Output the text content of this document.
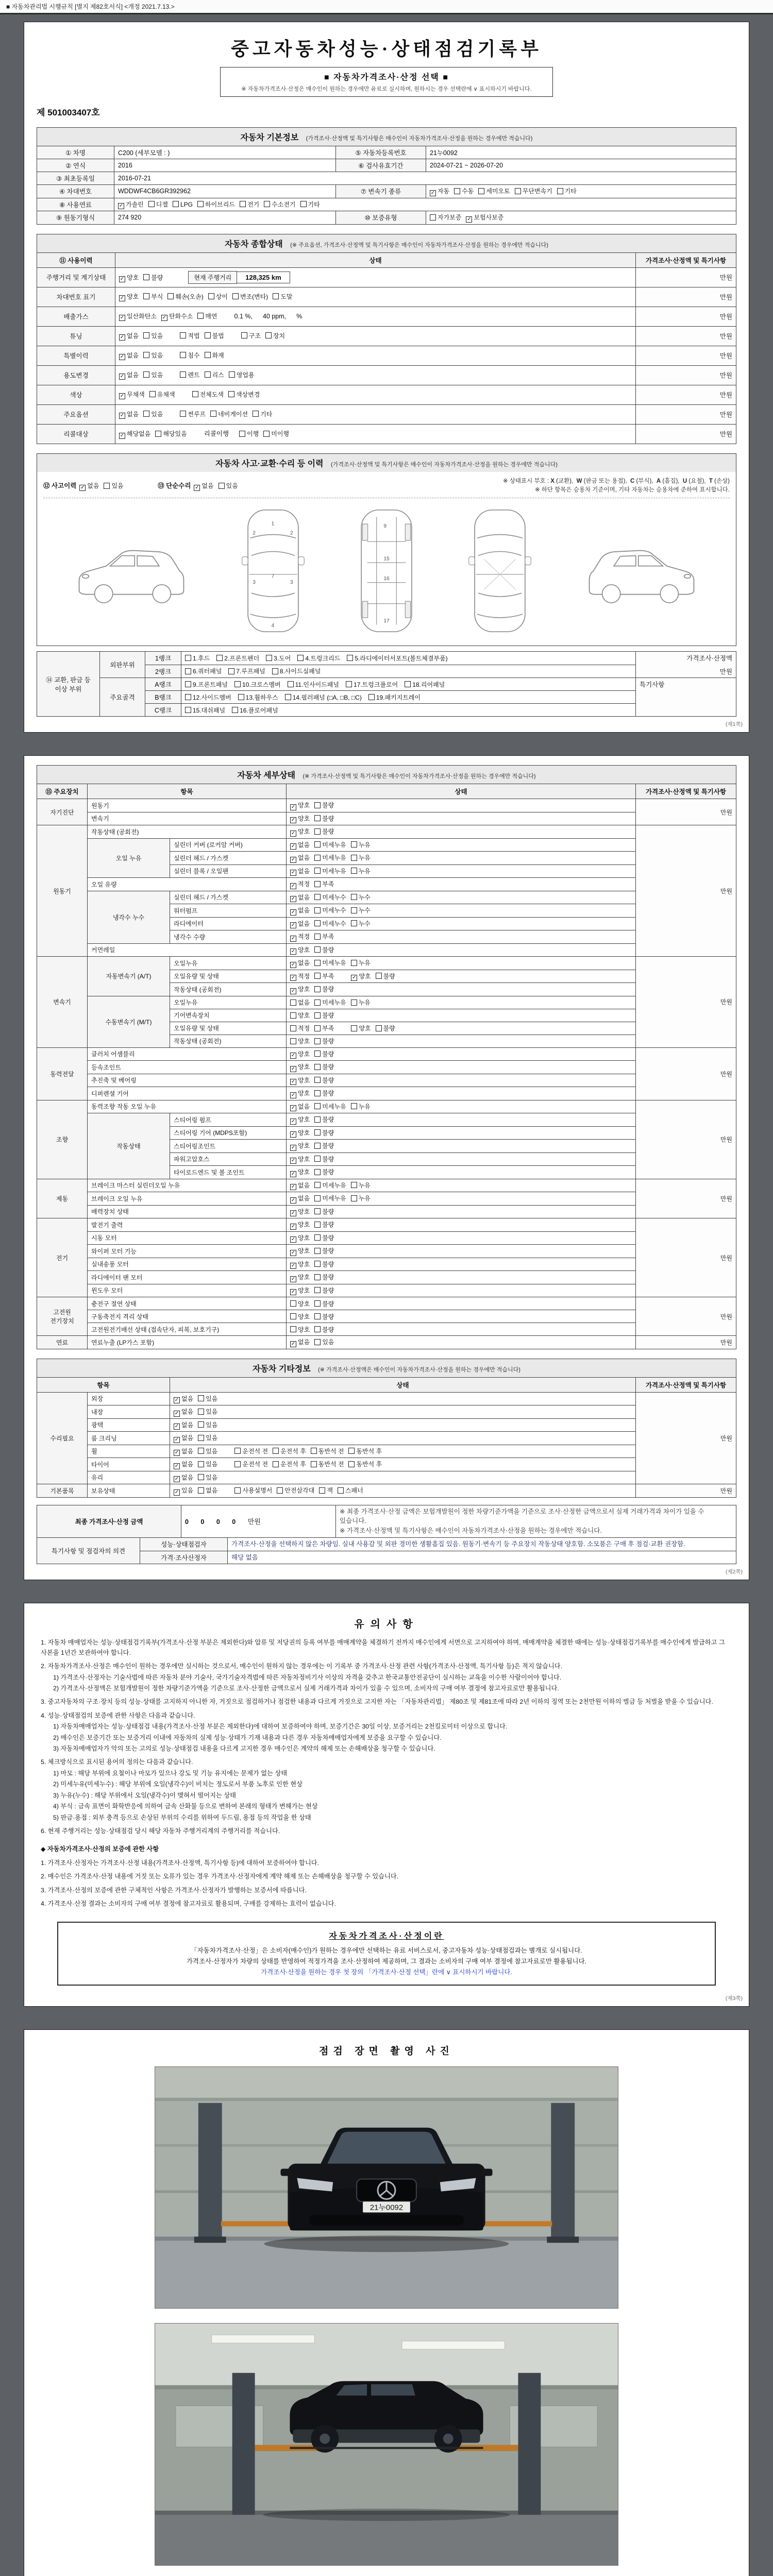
■ 자동차관리법 시행규칙 [별지 제82호서식] <개정 2021.7.13.>
중고자동차성능·상태점검기록부
■ 자동차가격조사·산정 선택 ■
※ 자동차가격조사·산정은 매수인이 원하는 경우에만 유료로 실시하며, 원하시는 경우 선택란에 ∨ 표시하시기 바랍니다.
제 501003407호
자동차 기본정보 (가격조사·산정액 및 특기사항은 매수인이 자동차가격조사·산정을 원하는 경우에만 적습니다)
① 차명	C200 (세부모델 : )	⑤ 자동차등록번호	21누0092
② 연식	2016	⑥ 검사유효기간	2024-07-21 ~ 2026-07-20
③ 최초등록일	2016-07-21		
④ 차대번호	WDDWF4CB6GR392962	⑦ 변속기 종류	✓자동 수동 세미오토 무단변속기 기타
⑧ 사용연료	✓가솔린 디젤 LPG 하이브리드 전기 수소전기 기타
⑨ 원동기형식	274 920	⑩ 보증유형	자가보증 ✓ 보험사보증
자동차 종합상태 (※ 주요옵션, 가격조사·산정액 및 특기사항은 매수인이 자동차가격조사·산정을 원하는 경우에만 적습니다)
⑪ 사용이력	상태	가격조사·산정액 및 특기사항
주행거리 및 계기상태	✓양호 불량 현재 주행거리 128,325 km	만원
차대번호 표기	✓양호 부식 훼손(오손) 상이 변조(변타) 도말	만원
배출가스	✓일산화탄소 ✓ 탄화수소 매연 0.1 %, 40 ppm, %	만원
튜닝	✓없음 있음 적법 불법 구조 장치	만원
특별이력	✓없음 있음 침수 화재	만원
용도변경	✓없음 있음 렌트 리스 영업용	만원
색상	✓무채색 유채색 전체도색 색상변경	만원
주요옵션	✓없음 있음 썬루프 네비게이션 기타	만원
리콜대상	✓해당없음 해당있음 리콜이행 이행 미이행	만원
자동차 사고·교환·수리 등 이력 (가격조사·산정액 및 특기사항은 매수인이 자동차가격조사·산정을 원하는 경우에만 적습니다)
⑫ 사고이력 ✓ 없음 있음	⑬ 단순수리 ✓ 없음 있음
※ 상태표시 부호 : X (교환),  W (판금 또는 용접),  C (부식),  A (흠집),  U (요철),  T (손상)
※ 하단 항목은 승용차 기준이며, 기타 자동차는 승용차에 준하여 표시합니다.
1
7
4
2	2
3	3
15
16
9
17
⑭ 교환, 판금 등 이상 부위	외판부위	1랭크	1.후드 2.프론트펜더 3.도어 4.트렁크리드 5.라디에이터서포트(볼트체결부품)	가격조사·산정액
만원

		2랭크	6.쿼터패널 7.루프패널 8.사이드실패널	
	주요골격	A랭크	9.프론트패널 10.크로스멤버 11.인사이드패널 17.트렁크플로어 18.리어패널	특기사항
		B랭크	12.사이드멤버 13.휠하우스 14.필러패널 (□A, □B, □C) 19.패키지트레이	
		C랭크	15.대쉬패널 16.플로어패널	
(제1쪽)
자동차 세부상태 (※ 가격조사·산정액 및 특기사항은 매수인이 자동차가격조사·산정을 원하는 경우에만 적습니다)
⑮ 주요장치	항목		상태	가격조사·산정액 및 특기사항
자기진단	원동기	✓양호 불량	만원
	변속기	✓양호 불량
원동기	작동상태 (공회전)	✓양호 불량	만원
	오일 누유	실린더 커버 (로커암 커버)	✓없음 미세누유 누유
		실린더 헤드 / 가스켓	✓없음 미세누유 누유
		실린더 블록 / 오일팬	✓없음 미세누유 누유
	오일 유량	✓적정 부족
	냉각수 누수	실린더 헤드 / 가스켓	✓없음 미세누수 누수
		워터펌프	✓없음 미세누수 누수
		라디에이터	✓없음 미세누수 누수
		냉각수 수량	✓적정 부족
	커먼레일	✓양호 불량
변속기	자동변속기 (A/T)	오일누유	✓없음 미세누유 누유	만원
		오일유량 및 상태	✓적정 부족 ✓ 양호 불량
		작동상태 (공회전)	✓양호 불량
	수동변속기 (M/T)	오일누유	없음 미세누유 누유	
		기어변속장치	양호 불량	
		오일유량 및 상태	적정 부족 양호 불량	
		작동상태 (공회전)	양호 불량	
동력전달	클러치 어셈블리	✓양호 불량	만원
	등속조인트	✓양호 불량
	추진축 및 베어링	✓양호 불량
	디퍼렌셜 기어	✓양호 불량
조향	동력조향 작동 오일 누유	✓없음 미세누유 누유	만원
	작동상태	스티어링 펌프	✓양호 불량
		스티어링 기어 (MDPS포함)	✓양호 불량
		스티어링조인트	✓양호 불량
		파워고압호스	✓양호 불량
		타이로드엔드 및 볼 조인트	✓양호 불량
제동	브레이크 마스터 실린더오일 누유	✓없음 미세누유 누유	만원
	브레이크 오일 누유	✓없음 미세누유 누유
	배력장치 상태	✓양호 불량
전기	발전기 출력	✓양호 불량	만원
	시동 모터	✓양호 불량
	와이퍼 모터 기능	✓양호 불량
	실내송풍 모터	✓양호 불량
	라디에이터 팬 모터	✓양호 불량
	윈도우 모터	✓양호 불량
고전원 전기장치	충전구 절연 상태		양호 불량	만원
	구동축전지 격리 상태		양호 불량	
	고전원전기배선 상태 (접속단자, 피복, 보호기구)		양호 불량	
연료	연료누출 (LP가스 포함)	✓없음 있음	만원
자동차 기타정보 (※ 가격조사·산정액은 매수인이 자동차가격조사·산정을 원하는 경우에만 적습니다)
항목		상태	가격조사·산정액 및 특기사항
수리필요	외장	✓없음 있음	만원
	내장	✓없음 있음
	광택	✓없음 있음
	룸 크리닝	✓없음 있음
	휠	✓없음 있음 운전석 전 운전석 후 동반석 전 동반석 후
	타이어	✓없음 있음 운전석 전 운전석 후 동반석 전 동반석 후
	유리	✓없음 있음
기본품목	보유상태	✓있음 없음 사용설명서 안전삼각대 잭 스패너	만원
최종 가격조사·산정 금액	0 0 0 0 만원	
※ 최종 가격조사·산정 금액은 보험개발원이 정한 차량기준가액을 기준으로 조사·산정한 금액으로서 실제 거래가격과 차이가 있을 수 있습니다.
※ 가격조사·산정액 및 특기사항은 매수인이 자동차가격조사·산정을 원하는 경우에만 적습니다.
특기사항 및 점검자의 의견	성능·상태점검자	가격조사·산정을 선택하지 않은 차량임. 실내 사용감 및 외판 경미한 생활흠집 있음. 원동기·변속기 등 주요장치 작동상태 양호함. 소모품은 구매 후 점검·교환 권장함.
	가격·조사산정자	해당 없음
(제2쪽)
유의사항

1. 자동차 매매업자는 성능·상태점검기록부(가격조사·산정 부분은 제외한다)와 압류 및 저당권의 등록 여부를 매매계약을 체결하기 전까지 매수인에게 서면으로 고지하여야 하며, 매매계약을 체결한 때에는 성능·상태점검기록부를 매수인에게 발급하고 그 사본을 1년간 보관하여야 합니다.

2. 자동차가격조사·산정은 매수인이 원하는 경우에만 실시하는 것으로서, 매수인이 원하지 않는 경우에는 이 기록부 중 가격조사·산정 관련 사항(가격조사·산정액, 특기사항 등)은 적지 않습니다.

1) 가격조사·산정자는 기술사법에 따른 자동차 분야 기술사, 국가기술자격법에 따른 자동차정비기사 이상의 자격을 갖추고 한국교통안전공단이 실시하는 교육을 이수한 사람이어야 합니다.

2) 가격조사·산정액은 보험개발원이 정한 차량기준가액을 기준으로 조사·산정한 금액으로서 실제 거래가격과 차이가 있을 수 있으며, 소비자의 구매 여부 결정에 참고자료로만 활용됩니다.

3. 중고자동차의 구조·장치 등의 성능·상태를 고지하지 아니한 자, 거짓으로 점검하거나 점검한 내용과 다르게 거짓으로 고지한 자는 「자동차관리법」 제80조 및 제81조에 따라 2년 이하의 징역 또는 2천만원 이하의 벌금 등 처벌을 받을 수 있습니다.

4. 성능·상태점검의 보증에 관한 사항은 다음과 같습니다.

1) 자동차매매업자는 성능·상태점검 내용(가격조사·산정 부분은 제외한다)에 대하여 보증하여야 하며, 보증기간은 30일 이상, 보증거리는 2천킬로미터 이상으로 합니다.

2) 매수인은 보증기간 또는 보증거리 이내에 자동차의 실제 성능·상태가 기재 내용과 다른 경우 자동차매매업자에게 보증을 요구할 수 있습니다.

3) 자동차매매업자가 악의 또는 고의로 성능·상태점검 내용을 다르게 고지한 경우 매수인은 계약의 해제 또는 손해배상을 청구할 수 있습니다.

5. 체크방식으로 표시된 용어의 정의는 다음과 같습니다.

1) 마모 : 해당 부위에 요철이나 마모가 있으나 강도 및 기능 유지에는 문제가 없는 상태

2) 미세누유(미세누수) : 해당 부위에 오일(냉각수)이 비치는 정도로서 부품 노후로 인한 현상

3) 누유(누수) : 해당 부위에서 오일(냉각수)이 맺혀서 떨어지는 상태

4) 부식 : 금속 표면이 화학반응에 의하여 금속 산화물 등으로 변하여 본래의 형태가 변해가는 현상

5) 판금·용접 : 외부 충격 등으로 손상된 부위의 수리를 위하여 두드림, 용접 등의 작업을 한 상태

6. 현재 주행거리는 성능·상태점검 당시 해당 자동차 주행거리계의 주행거리를 적습니다.

◆ 자동차가격조사·산정의 보증에 관한 사항

1. 가격조사·산정자는 가격조사·산정 내용(가격조사·산정액, 특기사항 등)에 대하여 보증하여야 합니다.

2. 매수인은 가격조사·산정 내용에 거짓 또는 오류가 있는 경우 가격조사·산정자에게 계약 해제 또는 손해배상을 청구할 수 있습니다.

3. 가격조사·산정의 보증에 관한 구체적인 사항은 가격조사·산정자가 발행하는 보증서에 따릅니다.

4. 가격조사·산정 결과는 소비자의 구매 여부 결정에 참고자료로 활용되며, 구매를 강제하는 효력이 없습니다.

자동차가격조사·산정이란

「자동차가격조사·산정」은 소비자(매수인)가 원하는 경우에만 선택하는 유료 서비스로서, 중고자동차 성능·상태점검과는 별개로 실시됩니다.

가격조사·산정자가 차량의 상태를 반영하여 적정가격을 조사·산정하여 제공하며, 그 결과는 소비자의 구매 여부 결정에 참고자료로만 활용됩니다.

가격조사·산정을 원하는 경우 첫 장의 「가격조사·산정 선택」란에 ∨ 표시하시기 바랍니다.

(제3쪽)
점검 장면 촬영 사진
21누0092
